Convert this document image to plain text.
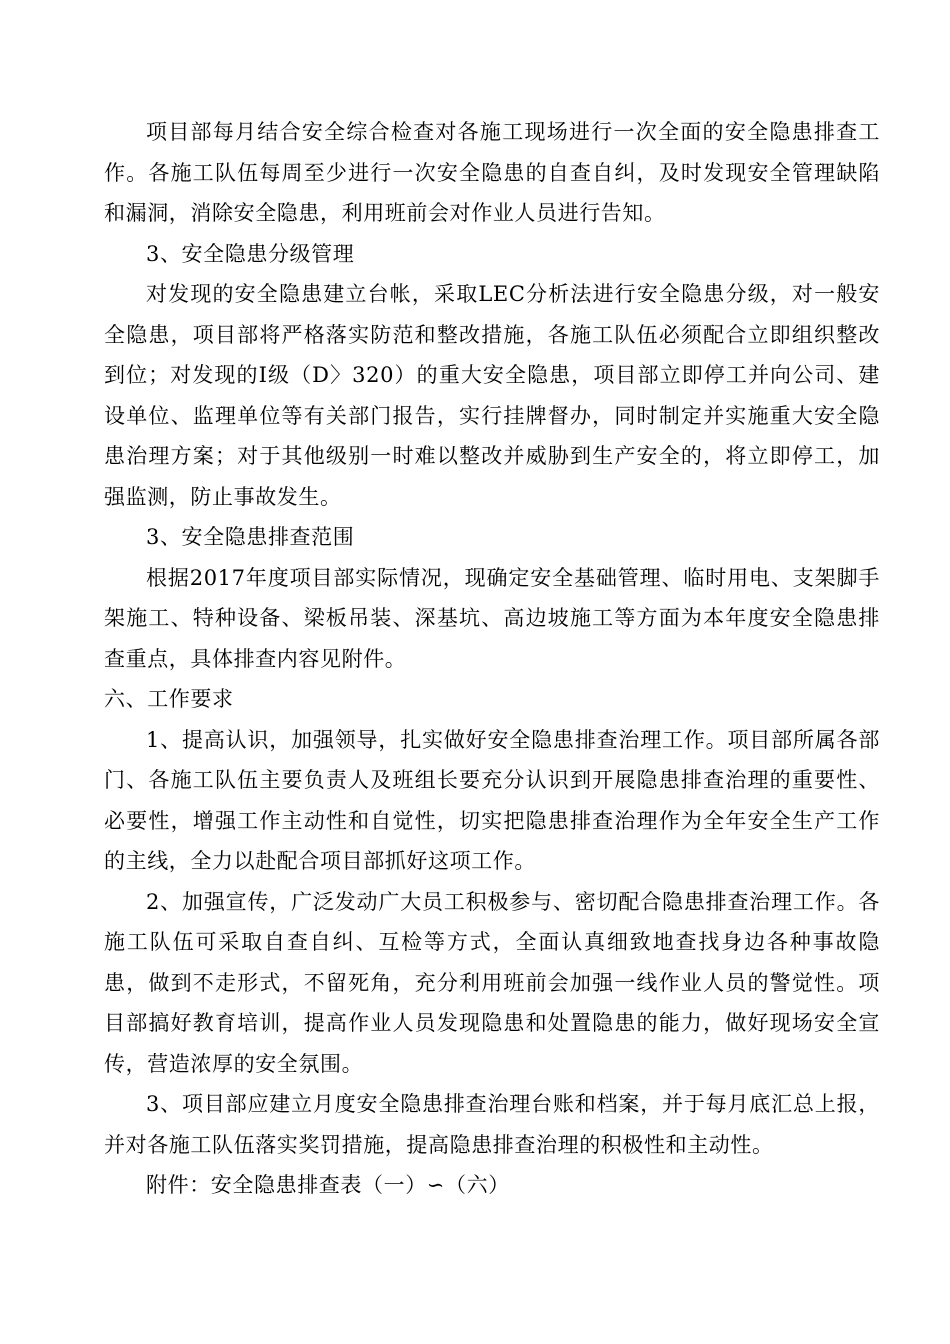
项目部每月结合安全综合检查对各施工现场进行一次全面的安全隐患排查工作。各施工队伍每周至少进行一次安全隐患的自查自纠，及时发现安全管理缺陷和漏洞，消除安全隐患，利用班前会对作业人员进行告知。

3、安全隐患分级管理

对发现的安全隐患建立台帐，采取LEC分析法进行安全隐患分级，对一般安全隐患，项目部将严格落实防范和整改措施，各施工队伍必须配合立即组织整改到位；对发现的Ⅰ级（D〉320）的重大安全隐患，项目部立即停工并向公司、建设单位、监理单位等有关部门报告，实行挂牌督办，同时制定并实施重大安全隐患治理方案；对于其他级别一时难以整改并威胁到生产安全的，将立即停工，加强监测，防止事故发生。

3、安全隐患排查范围

根据2017年度项目部实际情况，现确定安全基础管理、临时用电、支架脚手架施工、特种设备、梁板吊装、深基坑、高边坡施工等方面为本年度安全隐患排查重点，具体排查内容见附件。

六、工作要求

1、提高认识，加强领导，扎实做好安全隐患排查治理工作。项目部所属各部门、各施工队伍主要负责人及班组长要充分认识到开展隐患排查治理的重要性、必要性，增强工作主动性和自觉性，切实把隐患排查治理作为全年安全生产工作的主线，全力以赴配合项目部抓好这项工作。

2、加强宣传，广泛发动广大员工积极参与、密切配合隐患排查治理工作。各施工队伍可采取自查自纠、互检等方式，全面认真细致地查找身边各种事故隐患，做到不走形式，不留死角，充分利用班前会加强一线作业人员的警觉性。项目部搞好教育培训，提高作业人员发现隐患和处置隐患的能力，做好现场安全宣传，营造浓厚的安全氛围。

3、项目部应建立月度安全隐患排查治理台账和档案，并于每月底汇总上报，并对各施工队伍落实奖罚措施，提高隐患排查治理的积极性和主动性。

附件：安全隐患排查表（一）∽（六）
